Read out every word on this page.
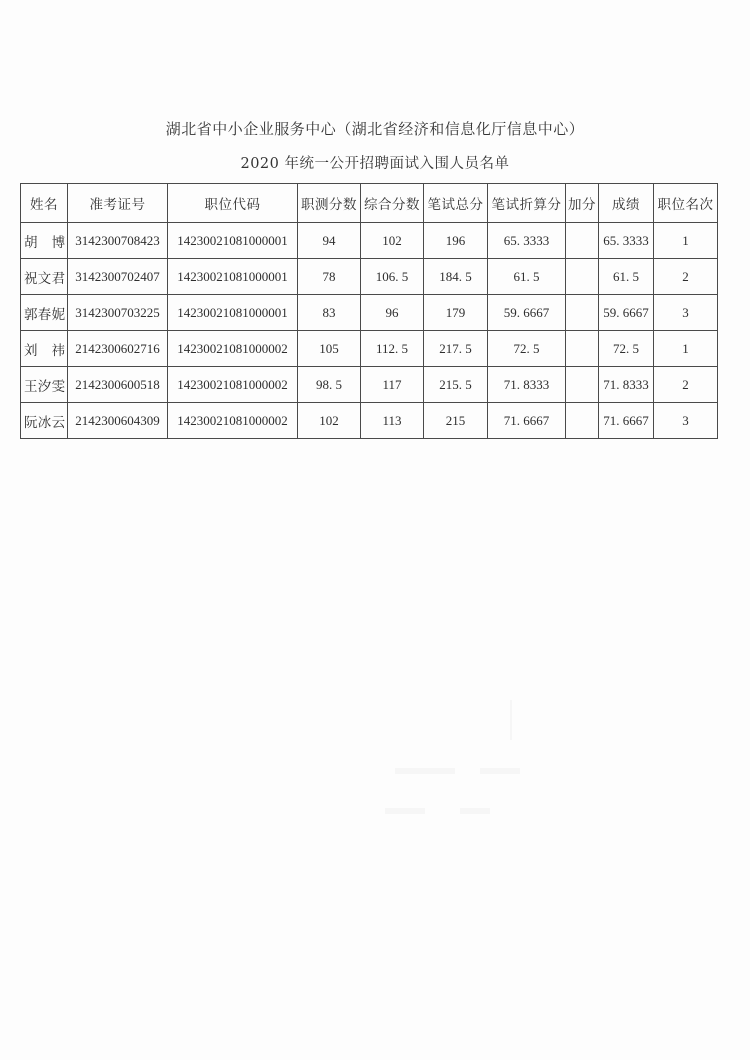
湖北省中小企业服务中心（湖北省经济和信息化厅信息中心）
2020 年统一公开招聘面试入围人员名单
姓名	准考证号	职位代码	职测分数	综合分数	笔试总分	笔试折算分	加分	成绩	职位名次
胡　博	3142300708423	14230021081000001	94	102	196	65. 3333		65. 3333	1
祝文君	3142300702407	14230021081000001	78	106. 5	184. 5	61. 5		61. 5	2
郭春妮	3142300703225	14230021081000001	83	96	179	59. 6667		59. 6667	3
刘　祎	2142300602716	14230021081000002	105	112. 5	217. 5	72. 5		72. 5	1
王汐雯	2142300600518	14230021081000002	98. 5	117	215. 5	71. 8333		71. 8333	2
阮冰云	2142300604309	14230021081000002	102	113	215	71. 6667		71. 6667	3
